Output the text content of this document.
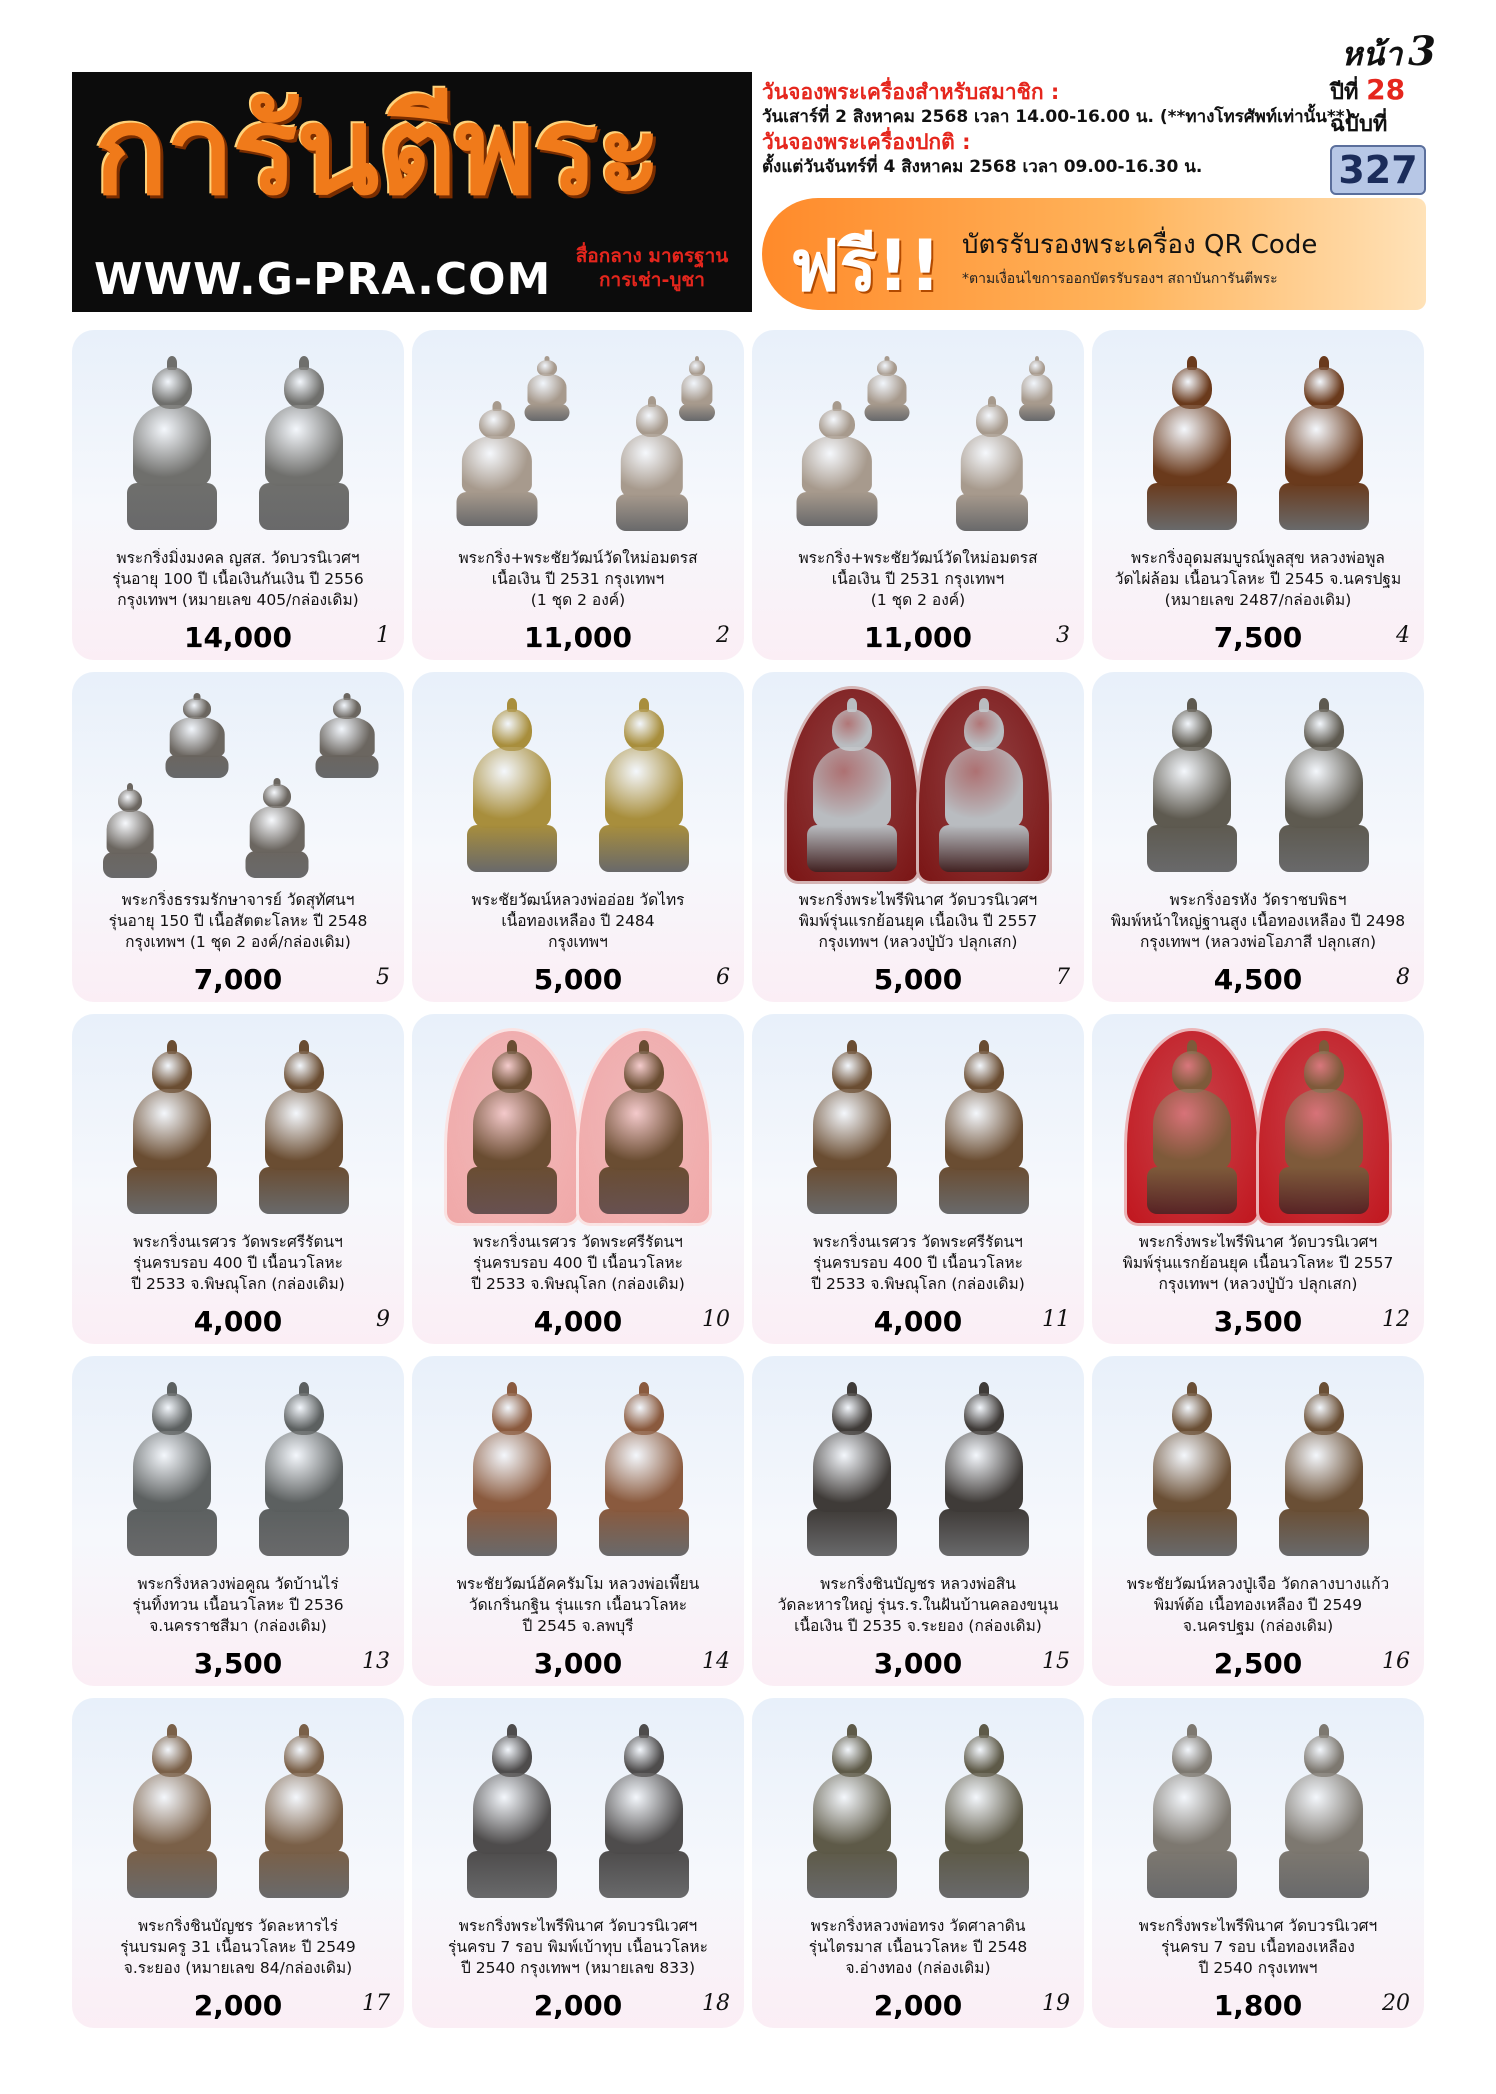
หน้า 3
การันตีพระ
WWW.G-PRA.COM	สื่อกลาง มาตรฐาน
การเช่า-บูชา
วันจองพระเครื่องสำหรับสมาชิก :
วันเสาร์ที่ 2 สิงหาคม 2568 เวลา 14.00-16.00 น. (**ทางโทรศัพท์เท่านั้น**)
วันจองพระเครื่องปกติ :
ตั้งแต่วันจันทร์ที่ 4 สิงหาคม 2568 เวลา 09.00-16.30 น.
ปีที่ 28
ฉบับที่
327
ฟรี!! บัตรรับรองพระเครื่อง QR Code
*ตามเงื่อนไขการออกบัตรรับรองฯ สถาบันการันตีพระ
พระกริ่งมิ่งมงคล ญสส. วัดบวรนิเวศฯ
รุ่นอายุ 100 ปี เนื้อเงินกันเงิน ปี 2556
กรุงเทพฯ (หมายเลข 405/กล่องเดิม)
14,000	1
พระกริ่ง+พระชัยวัฒน์วัดใหม่อมตรส
เนื้อเงิน ปี 2531 กรุงเทพฯ
(1 ชุด 2 องค์)
11,000	2
พระกริ่ง+พระชัยวัฒน์วัดใหม่อมตรส
เนื้อเงิน ปี 2531 กรุงเทพฯ
(1 ชุด 2 องค์)
11,000	3
พระกริ่งอุดมสมบูรณ์พูลสุข หลวงพ่อพูล
วัดไผ่ล้อม เนื้อนวโลหะ ปี 2545 จ.นครปฐม
(หมายเลข 2487/กล่องเดิม)
7,500	4
พระกริ่งธรรมรักษาจารย์ วัดสุทัศนฯ
รุ่นอายุ 150 ปี เนื้อสัตตะโลหะ ปี 2548
กรุงเทพฯ (1 ชุด 2 องค์/กล่องเดิม)
7,000	5
พระชัยวัฒน์หลวงพ่ออ่อย วัดไทร
เนื้อทองเหลือง ปี 2484
กรุงเทพฯ
5,000	6
พระกริ่งพระไพรีพินาศ วัดบวรนิเวศฯ
พิมพ์รุ่นแรกย้อนยุค เนื้อเงิน ปี 2557
กรุงเทพฯ (หลวงปู่บัว ปลุกเสก)
5,000	7
พระกริ่งอรหัง วัดราชบพิธฯ
พิมพ์หน้าใหญ่ฐานสูง เนื้อทองเหลือง ปี 2498
กรุงเทพฯ (หลวงพ่อโอภาสี ปลุกเสก)
4,500	8
พระกริ่งนเรศวร วัดพระศรีรัตนฯ
รุ่นครบรอบ 400 ปี เนื้อนวโลหะ
ปี 2533 จ.พิษณุโลก (กล่องเดิม)
4,000	9
พระกริ่งนเรศวร วัดพระศรีรัตนฯ
รุ่นครบรอบ 400 ปี เนื้อนวโลหะ
ปี 2533 จ.พิษณุโลก (กล่องเดิม)
4,000	10
พระกริ่งนเรศวร วัดพระศรีรัตนฯ
รุ่นครบรอบ 400 ปี เนื้อนวโลหะ
ปี 2533 จ.พิษณุโลก (กล่องเดิม)
4,000	11
พระกริ่งพระไพรีพินาศ วัดบวรนิเวศฯ
พิมพ์รุ่นแรกย้อนยุค เนื้อนวโลหะ ปี 2557
กรุงเทพฯ (หลวงปู่บัว ปลุกเสก)
3,500	12
พระกริ่งหลวงพ่อคูณ วัดบ้านไร่
รุ่นทิ้งทวน เนื้อนวโลหะ ปี 2536
จ.นครราชสีมา (กล่องเดิม)
3,500	13
พระชัยวัฒน์อัคครัมโม หลวงพ่อเพี้ยน
วัดเกริ่นกฐิน รุ่นแรก เนื้อนวโลหะ
ปี 2545 จ.ลพบุรี
3,000	14
พระกริ่งชินบัญชร หลวงพ่อสิน
วัดละหารใหญ่ รุ่นร.ร.ในฝันบ้านคลองขนุน
เนื้อเงิน ปี 2535 จ.ระยอง (กล่องเดิม)
3,000	15
พระชัยวัฒน์หลวงปู่เจือ วัดกลางบางแก้ว
พิมพ์ต้อ เนื้อทองเหลือง ปี 2549
จ.นครปฐม (กล่องเดิม)
2,500	16
พระกริ่งชินบัญชร วัดละหารไร่
รุ่นบรมครู 31 เนื้อนวโลหะ ปี 2549
จ.ระยอง (หมายเลข 84/กล่องเดิม)
2,000	17
พระกริ่งพระไพรีพินาศ วัดบวรนิเวศฯ
รุ่นครบ 7 รอบ พิมพ์เบ้าทุบ เนื้อนวโลหะ
ปี 2540 กรุงเทพฯ (หมายเลข 833)
2,000	18
พระกริ่งหลวงพ่อทรง วัดศาลาดิน
รุ่นไตรมาส เนื้อนวโลหะ ปี 2548
จ.อ่างทอง (กล่องเดิม)
2,000	19
พระกริ่งพระไพรีพินาศ วัดบวรนิเวศฯ
รุ่นครบ 7 รอบ เนื้อทองเหลือง
ปี 2540 กรุงเทพฯ
1,800	20
